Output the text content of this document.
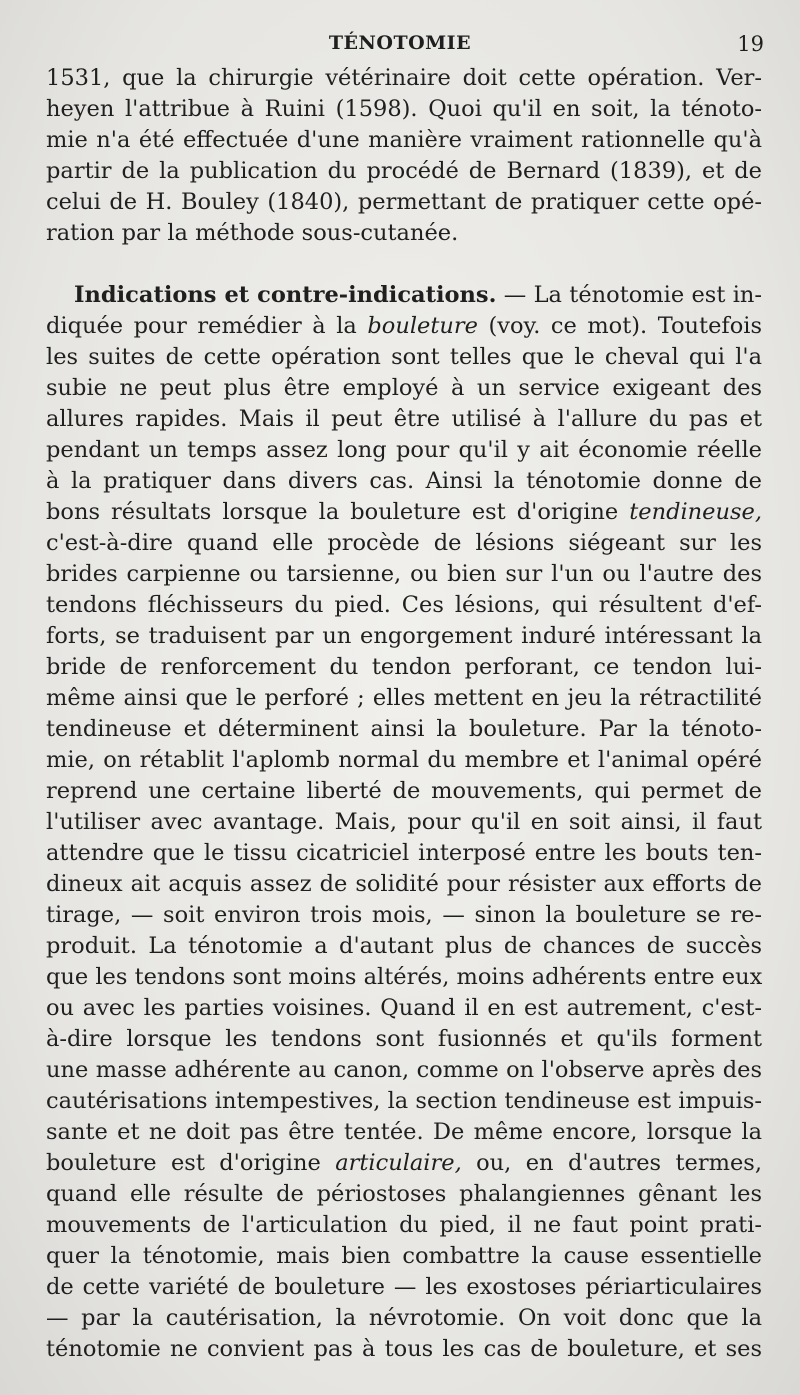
TÉNOTOMIE	19
1531, que la chirurgie vétérinaire doit cette opération. Ver-
heyen l'attribue à Ruini (1598). Quoi qu'il en soit, la ténoto-
mie n'a été effectuée d'une manière vraiment rationnelle qu'à
partir de la publication du procédé de Bernard (1839), et de
celui de H. Bouley (1840), permettant de pratiquer cette opé-
ration par la méthode sous-cutanée.
Indications et contre-indications. — La ténotomie est in-
diquée pour remédier à la bouleture (voy. ce mot). Toutefois
les suites de cette opération sont telles que le cheval qui l'a
subie ne peut plus être employé à un service exigeant des
allures rapides. Mais il peut être utilisé à l'allure du pas et
pendant un temps assez long pour qu'il y ait économie réelle
à la pratiquer dans divers cas. Ainsi la ténotomie donne de
bons résultats lorsque la bouleture est d'origine tendineuse,
c'est-à-dire quand elle procède de lésions siégeant sur les
brides carpienne ou tarsienne, ou bien sur l'un ou l'autre des
tendons fléchisseurs du pied. Ces lésions, qui résultent d'ef-
forts, se traduisent par un engorgement induré intéressant la
bride de renforcement du tendon perforant, ce tendon lui-
même ainsi que le perforé ; elles mettent en jeu la rétractilité
tendineuse et déterminent ainsi la bouleture. Par la ténoto-
mie, on rétablit l'aplomb normal du membre et l'animal opéré
reprend une certaine liberté de mouvements, qui permet de
l'utiliser avec avantage. Mais, pour qu'il en soit ainsi, il faut
attendre que le tissu cicatriciel interposé entre les bouts ten-
dineux ait acquis assez de solidité pour résister aux efforts de
tirage, — soit environ trois mois, — sinon la bouleture se re-
produit. La ténotomie a d'autant plus de chances de succès
que les tendons sont moins altérés, moins adhérents entre eux
ou avec les parties voisines. Quand il en est autrement, c'est-
à-dire lorsque les tendons sont fusionnés et qu'ils forment
une masse adhérente au canon, comme on l'observe après des
cautérisations intempestives, la section tendineuse est impuis-
sante et ne doit pas être tentée. De même encore, lorsque la
bouleture est d'origine articulaire, ou, en d'autres termes,
quand elle résulte de périostoses phalangiennes gênant les
mouvements de l'articulation du pied, il ne faut point prati-
quer la ténotomie, mais bien combattre la cause essentielle
de cette variété de bouleture — les exostoses périarticulaires
— par la cautérisation, la névrotomie. On voit donc que la
ténotomie ne convient pas à tous les cas de bouleture, et ses
